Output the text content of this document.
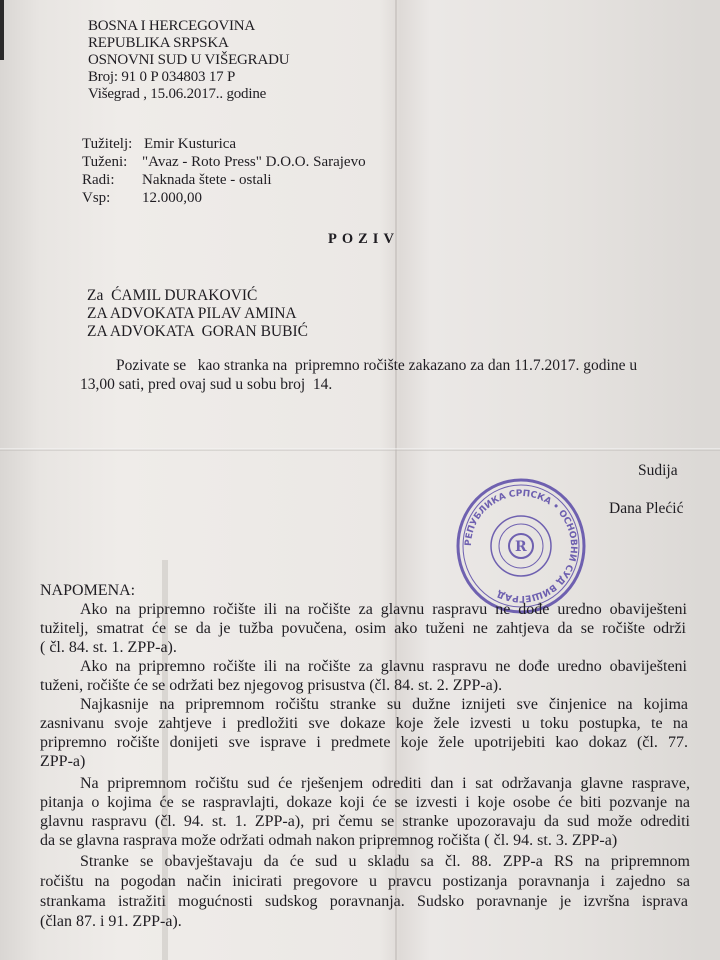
BOSNA I HERCEGOVINA
REPUBLIKA SRPSKA
OSNOVNI SUD U VIŠEGRADU
Broj: 91 0 P 034803 17 P
Višegrad , 15.06.2017.. godine
Tužitelj: Emir Kusturica
Tuženi: "Avaz - Roto Press" D.O.O. Sarajevo
Radi: Naknada štete - ostali
Vsp: 12.000,00
POZIV
Za  ĆAMIL DURAKOVIĆ
ZA ADVOKATA PILAV AMINA
ZA ADVOKATA  GORAN BUBIĆ
Pozivate se   kao stranka na  pripremno ročište zakazano za dan 11.7.2017. godine u
13,00 sati, pred ovaj sud u sobu broj  14.
Sudija
Dana Plećić
РЕПУБЛИКА СРПСКА • ОСНОВНИ СУД ВИШЕГРАД
R
NAPOMENA:
Ako na pripremno ročište ili na ročište za glavnu raspravu ne dođe uredno obaviješteni
tužitelj, smatrat će se da je tužba povučena, osim ako tuženi ne zahtjeva da se ročište održi
( čl. 84. st. 1. ZPP-a).
Ako na pripremno ročište ili na ročište za glavnu raspravu ne dođe uredno obaviješteni
tuženi, ročište će se održati bez njegovog prisustva (čl. 84. st. 2. ZPP-a).
Najkasnije na pripremnom ročištu stranke su dužne iznijeti sve činjenice na kojima
zasnivanu svoje zahtjeve i predložiti sve dokaze koje žele izvesti u toku postupka, te na
pripremno ročište donijeti sve isprave i predmete koje žele upotrijebiti kao dokaz (čl. 77.
ZPP-a)
Na pripremnom ročištu sud će rješenjem odrediti dan i sat održavanja glavne rasprave,
pitanja o kojima će se raspravlajti, dokaze koji će se izvesti i koje osobe će biti pozvanje na
glavnu raspravu (čl. 94. st. 1. ZPP-a), pri čemu se stranke upozoravaju da sud može odrediti
da se glavna rasprava može održati odmah nakon pripremnog ročišta ( čl. 94. st. 3. ZPP-a)
Stranke se obavještavaju da će sud u skladu sa čl. 88. ZPP-a RS na pripremnom
ročištu na pogodan način inicirati pregovore u pravcu postizanja poravnanja i zajedno sa
strankama istražiti mogućnosti sudskog poravnanja. Sudsko poravnanje je izvršna isprava
(član 87. i 91. ZPP-a).
